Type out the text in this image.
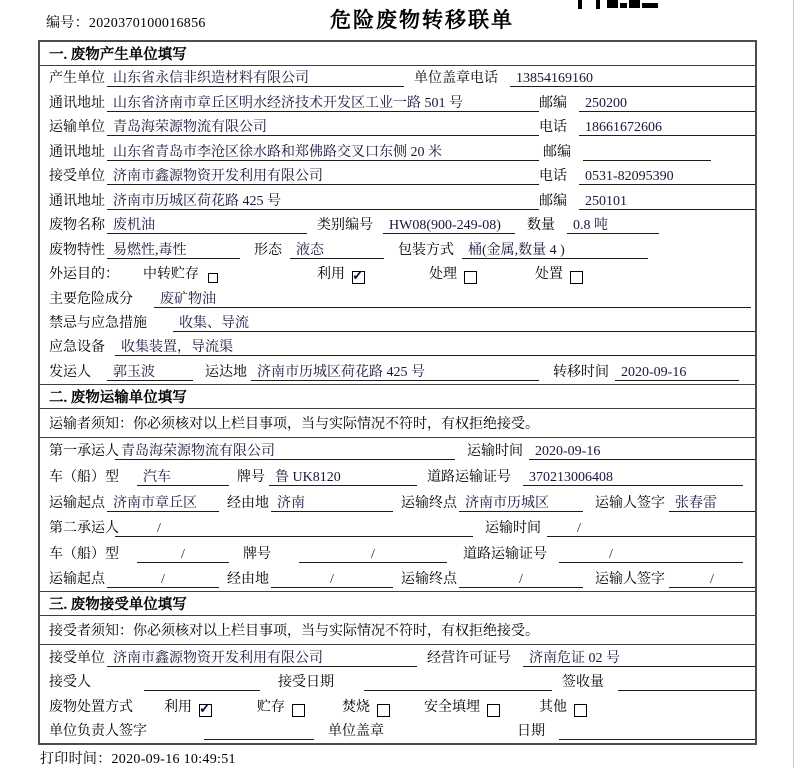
编号：2020370100016856	危险废物转移联单
一. 废物产生单位填写
产生单位 山东省永信非织造材料有限公司	单位盖章 电话	13854169160
通讯地址 山东省济南市章丘区明水经济技术开发区工业一路 501 号	邮编	250200
运输单位 青岛海荣源物流有限公司	电话	18661672606
通讯地址 山东省青岛市李沧区徐水路和郑佛路交叉口东侧 20 米	邮编
接受单位 济南市鑫源物资开发利用有限公司	电话	0531-82095390
通讯地址 济南市历城区荷花路 425 号	邮编	250101
废物名称 废机油	类别编号	HW08(900-249-08)	数量	0.8 吨
废物特性 易燃性,毒性	形态	液态	包装方式	桶(金属,数量 4 )
外运目的：	中转贮存	利用 ✓	处理	处置
主要危险成分	废矿物油
禁忌与应急措施	收集、导流
应急设备	收集装置，导流渠
发运人	郭玉波	运达地 济南市历城区荷花路 425 号	转移时间 2020-09-16
二. 废物运输单位填写
运输者须知：你必须核对以上栏目事项，当与实际情况不符时，有权拒绝接受。
第一承运人 青岛海荣源物流有限公司	运输时间 2020-09-16
车（船）型	汽车	牌号 鲁 UK8120	道路运输证号	370213006408
运输起点 济南市章丘区	经由地 济南	运输终点 济南市历城区	运输人签字 张春雷
第二承运人	/	运输时间	/
车（船）型	/	牌号	/	道路运输证号	/
运输起点	/	经由地	/	运输终点	/	运输人签字	/
三. 废物接受单位填写
接受者须知：你必须核对以上栏目事项，当与实际情况不符时，有权拒绝接受。
接受单位 济南市鑫源物资开发利用有限公司	经营许可证号	济南危证 02 号
接受人	接受日期	签收量
废物处置方式	利用 ✓	贮存	焚烧	安全填埋	其他
单位负责人签字	单位盖章	日期
打印时间：2020-09-16 10:49:51
